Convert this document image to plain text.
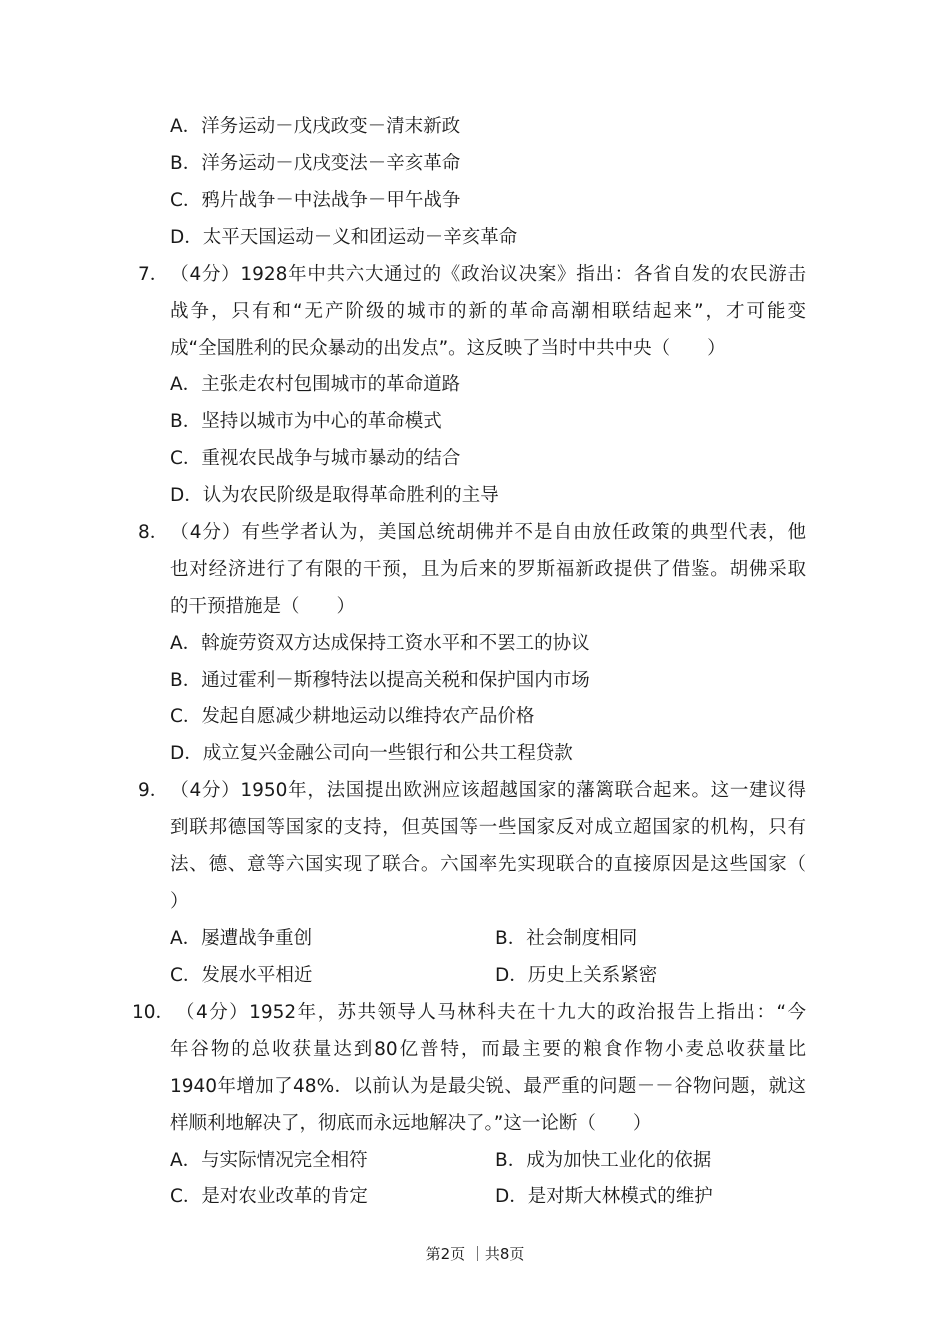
A．洋务运动－戊戌政变－清末新政
B．洋务运动－戊戌变法－辛亥革命
C．鸦片战争－中法战争－甲午战争
D．太平天国运动－义和团运动－辛亥革命
7． （4分）1928年中共六大通过的《政治议决案》指出：各省自发的农民游击
战争，只有和“无产阶级的城市的新的革命高潮相联结起来”，才可能变
成“全国胜利的民众暴动的出发点”。这反映了当时中共中央（　　）
A．主张走农村包围城市的革命道路
B．坚持以城市为中心的革命模式
C．重视农民战争与城市暴动的结合
D．认为农民阶级是取得革命胜利的主导
8． （4分）有些学者认为，美国总统胡佛并不是自由放任政策的典型代表，他
也对经济进行了有限的干预，且为后来的罗斯福新政提供了借鉴。胡佛采取
的干预措施是（　　）
A．斡旋劳资双方达成保持工资水平和不罢工的协议
B．通过霍利－斯穆特法以提高关税和保护国内市场
C．发起自愿减少耕地运动以维持农产品价格
D．成立复兴金融公司向一些银行和公共工程贷款
9． （4分）1950年，法国提出欧洲应该超越国家的藩篱联合起来。这一建议得
到联邦德国等国家的支持，但英国等一些国家反对成立超国家的机构，只有
法、德、意等六国实现了联合。六国率先实现联合的直接原因是这些国家（
）
A．屡遭战争重创	B．社会制度相同
C．发展水平相近	D．历史上关系紧密
10． （4分）1952年，苏共领导人马林科夫在十九大的政治报告上指出：“今
年谷物的总收获量达到80亿普特，而最主要的粮食作物小麦总收获量比
1940年增加了48%．以前认为是最尖锐、最严重的问题－－谷物问题，就这
样顺利地解决了，彻底而永远地解决了。”这一论断（　　）
A．与实际情况完全相符	B．成为加快工业化的依据
C．是对农业改革的肯定	D．是对斯大林模式的维护
第2页 ｜共8页
